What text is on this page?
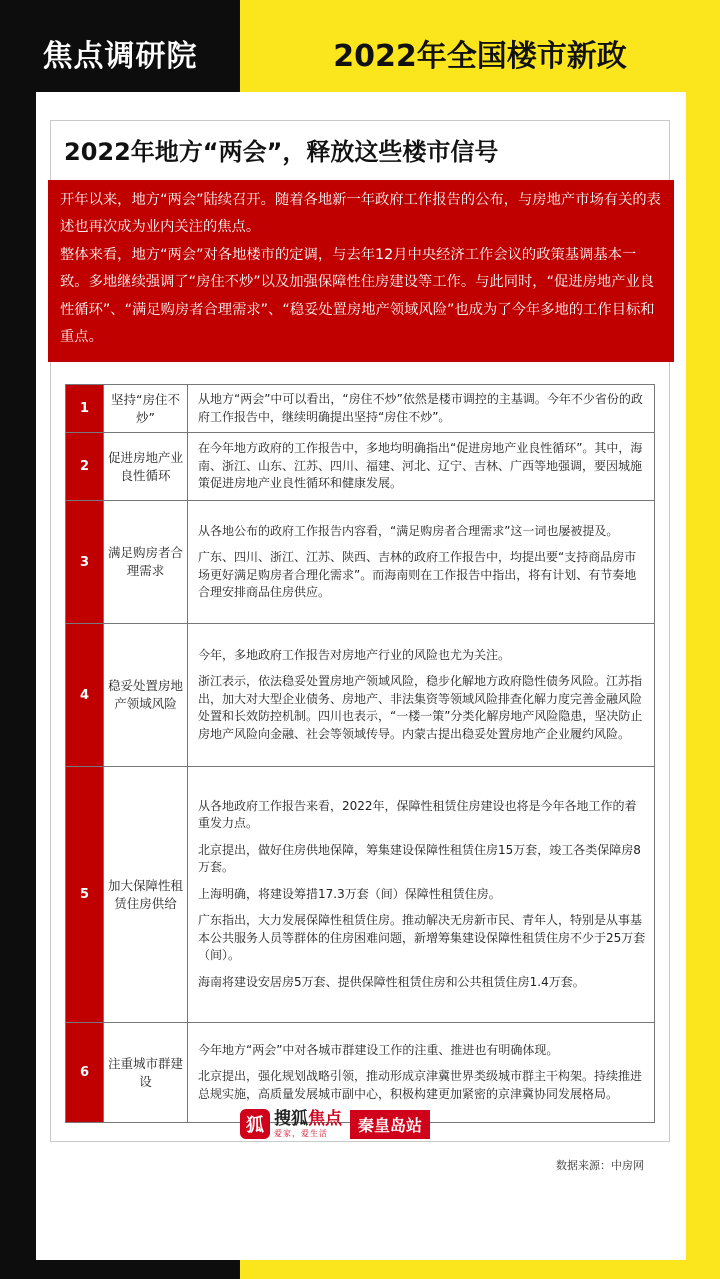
焦点调研院	2022年全国楼市新政
2022年地方“两会”，释放这些楼市信号

开年以来，地方“两会”陆续召开。随着各地新一年政府工作报告的公布，与房地产市场有关的表述也再次成为业内关注的焦点。

整体来看，地方“两会”对各地楼市的定调，与去年12月中央经济工作会议的政策基调基本一致。多地继续强调了“房住不炒”以及加强保障性住房建设等工作。与此同时，“促进房地产业良性循环”、“满足购房者合理需求”、“稳妥处置房地产领域风险”也成为了今年多地的工作目标和重点。

1	坚持“房住不炒”	从地方“两会”中可以看出，“房住不炒”依然是楼市调控的主基调。今年不少省份的政府工作报告中，继续明确提出坚持“房住不炒”。

2	促进房地产业良性循环	在今年地方政府的工作报告中，多地均明确指出“促进房地产业良性循环”。其中，海南、浙江、山东、江苏、四川、福建、河北、辽宁、吉林、广西等地强调，要因城施策促进房地产业良性循环和健康发展。

3	满足购房者合理需求	从各地公布的政府工作报告内容看，“满足购房者合理需求”这一词也屡被提及。

广东、四川、浙江、江苏、陕西、吉林的政府工作报告中，均提出要“支持商品房市场更好满足购房者合理化需求”。而海南则在工作报告中指出，将有计划、有节奏地合理安排商品住房供应。

4	稳妥处置房地产领域风险	今年，多地政府工作报告对房地产行业的风险也尤为关注。

浙江表示，依法稳妥处置房地产领域风险，稳步化解地方政府隐性债务风险。江苏指出，加大对大型企业债务、房地产、非法集资等领域风险排查化解力度完善金融风险处置和长效防控机制。四川也表示，“一楼一策”分类化解房地产风险隐患，坚决防止房地产风险向金融、社会等领域传导。内蒙古提出稳妥处置房地产企业履约风险。

5	加大保障性租赁住房供给	从各地政府工作报告来看，2022年，保障性租赁住房建设也将是今年各地工作的着重发力点。

北京提出，做好住房供地保障，筹集建设保障性租赁住房15万套，竣工各类保障房8万套。

上海明确，将建设筹措17.3万套（间）保障性租赁住房。

广东指出，大力发展保障性租赁住房。推动解决无房新市民、青年人，特别是从事基本公共服务人员等群体的住房困难问题，新增筹集建设保障性租赁住房不少于25万套（间）。

海南将建设安居房5万套、提供保障性租赁住房和公共租赁住房1.4万套。

6	注重城市群建设	今年地方“两会”中对各城市群建设工作的注重、推进也有明确体现。

北京提出，强化规划战略引领，推动形成京津冀世界类级城市群主干构架。持续推进总规实施，高质量发展城市副中心，积极构建更加紧密的京津冀协同发展格局。

数据来源：中房网
狐 搜狐焦点
爱家，爱生活	秦皇岛站
